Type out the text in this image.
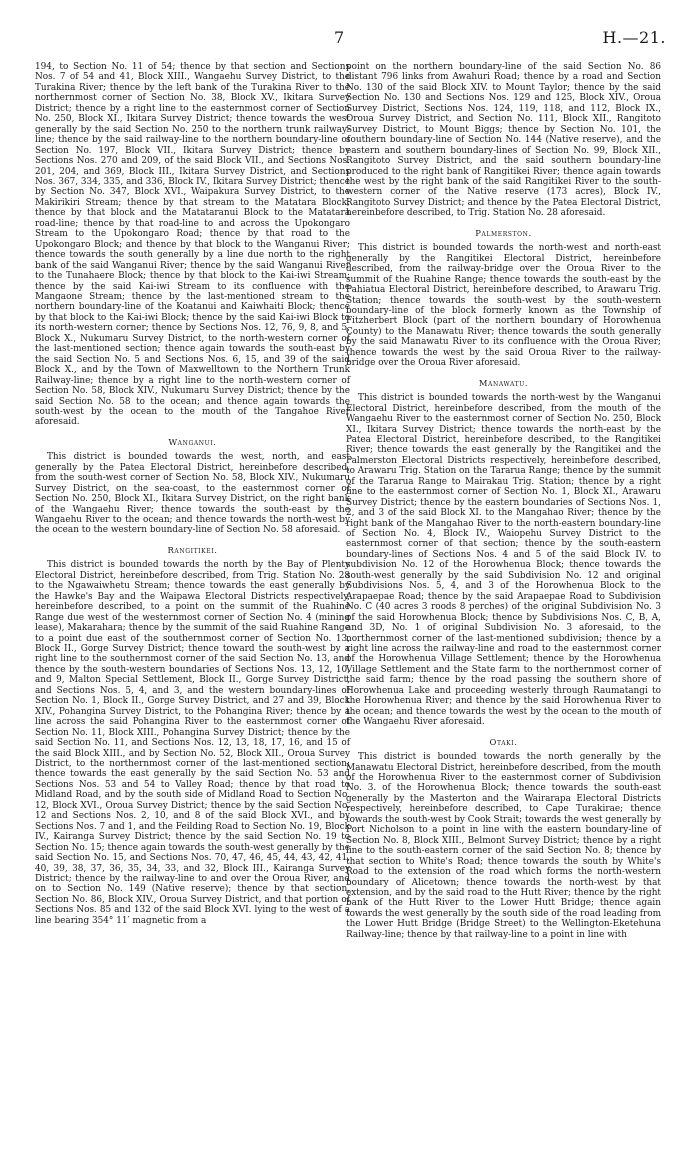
7	H.—21.

194, to Section No. 11 of 54; thence by that section and Sections Nos. 7 of 54 and 41, Block XIII., Wangaehu Survey District, to the Turakina River; thence by the left bank of the Turakina River to the northernmost corner of Section No. 38, Block XV., Ikitara Survey District; thence by a right line to the easternmost corner of Section No. 250, Block XI., Ikitara Survey District; thence towards the west generally by the said Section No. 250 to the northern trunk railway-line; thence by the said railway-line to the northern boundary-line of Section No. 197, Block VII., Ikitara Survey District; thence by Sections Nos. 270 and 209, of the said Block VII., and Sections Nos. 201, 204, and 369, Block III., Ikitara Survey District, and Sections Nos. 367, 334, 335, and 336, Block IV., Ikitara Survey District; thence by Section No. 347, Block XVI., Waipakura Survey District, to the Makirikiri Stream; thence by that stream to the Matatara Block; thence by that block and the Matataranui Block to the Matatara road-line; thence by that road-line to and across the Upokongaro Stream to the Upokongaro Road; thence by that road to the Upokongaro Block; and thence by that block to the Wanganui River; thence towards the south generally by a line due north to the right bank of the said Wanganui River; thence by the said Wanganui River to the Tunahaere Block; thence by that block to the Kai-iwi Stream; thence by the said Kai-iwi Stream to its confluence with the Mangaone Stream; thence by the last-mentioned stream to the northern boundary-line of the Koatanui and Kaiwhaiti Block; thence by that block to the Kai-iwi Block; thence by the said Kai-iwi Block to its north-western corner; thence by Sections Nos. 12, 76, 9, 8, and 5, Block X., Nukumaru Survey District, to the north-western corner of the last-mentioned section; thence again towards the south-east by the said Section No. 5 and Sections Nos. 6, 15, and 39 of the said Block X., and by the Town of Maxwelltown to the Northern Trunk Railway-line; thence by a right line to the north-western corner of Section No. 58, Block XIV., Nukumaru Survey District; thence by the said Section No. 58 to the ocean; and thence again towards the south-west by the ocean to the mouth of the Tangahoe River aforesaid.

Wanganui.

This district is bounded towards the west, north, and east generally by the Patea Electoral District, hereinbefore described, from the south-west corner of Section No. 58, Block XIV., Nukumaru Survey District, on the sea-coast, to the easternmost corner of Section No. 250, Block XI., Ikitara Survey District, on the right bank of the Wangaehu River; thence towards the south-east by the Wangaehu River to the ocean; and thence towards the north-west by the ocean to the western boundary-line of Section No. 58 aforesaid.

Rangitikei.

This district is bounded towards the north by the Bay of Plenty Electoral District, hereinbefore described, from Trig. Station No. 28 to the Ngawaiwhetu Stream; thence towards the east generally by the Hawke's Bay and the Waipawa Electoral Districts respectively, hereinbefore described, to a point on the summit of the Ruahine Range due west of the westernmost corner of Section No. 4 (mining lease), Makarahara; thence by the summit of the said Ruahine Range to a point due east of the southernmost corner of Section No. 13, Block II., Gorge Survey District; thence toward the south-west by a right line to the southernmost corner of the said Section No. 13, and thence by the south-western boundaries of Sections Nos. 13, 12, 10, and 9, Malton Special Settlement, Block II., Gorge Survey District, and Sections Nos. 5, 4, and 3, and the western boundary-lines of Section No. 1, Block II., Gorge Survey District, and 27 and 39, Block XIV., Pohangina Survey District, to the Pohangina River; thence by a line across the said Pohangina River to the easternmost corner of Section No. 11, Block XIII., Pohangina Survey District; thence by the said Section No. 11, and Sections Nos. 12, 13, 18, 17, 16, and 15 of the said Block XIII., and by Section No. 52, Block XII., Oroua Survey District, to the northernmost corner of the last-mentioned section; thence towards the east generally by the said Section No. 53 and Sections Nos. 53 and 54 to Valley Road; thence by that road to Midland Road, and by the south side of Midland Road to Section No. 12, Block XVI., Oroua Survey District; thence by the said Section No. 12 and Sections Nos. 2, 10, and 8 of the said Block XVI., and by Sections Nos. 7 and 1, and the Feilding Road to Section No. 19, Block IV., Kairanga Survey District; thence by the said Section No. 19 to Section No. 15; thence again towards the south-west generally by the said Section No. 15, and Sections Nos. 70, 47, 46, 45, 44, 43, 42, 41, 40, 39, 38, 37, 36, 35, 34, 33, and 32, Block III., Kairanga Survey District; thence by the railway-line to and over the Oroua River, and on to Section No. 149 (Native reserve); thence by that section, Section No. 86, Block XIV., Oroua Survey District, and that portion of Sections Nos. 85 and 132 of the said Block XVI. lying to the west of a line bearing 354° 11′ magnetic from a

point on the northern boundary-line of the said Section No. 86 distant 796 links from Awahuri Road; thence by a road and Section No. 130 of the said Block XIV. to Mount Taylor; thence by the said Section No. 130 and Sections Nos. 129 and 125, Block XIV., Oroua Survey District, Sections Nos. 124, 119, 118, and 112, Block IX., Oroua Survey District, and Section No. 111, Block XII., Rangitoto Survey District, to Mount Biggs; thence by Section No. 101, the southern boundary-line of Section No. 144 (Native reserve), and the eastern and southern boundary-lines of Section No. 99, Block XII., Rangitoto Survey District, and the said southern boundary-line produced to the right bank of Rangitikei River; thence again towards the west by the right bank of the said Rangitikei River to the south-western corner of the Native reserve (173 acres), Block IV., Rangitoto Survey District; and thence by the Patea Electoral District, hereinbefore described, to Trig. Station No. 28 aforesaid.

Palmerston.

This district is bounded towards the north-west and north-east generally by the Rangitikei Electoral District, hereinbefore described, from the railway-bridge over the Oroua River to the summit of the Ruahine Range; thence towards the south-east by the Pahiatua Electoral District, hereinbefore described, to Arawaru Trig. Station; thence towards the south-west by the south-western boundary-line of the block formerly known as the Township of Fitzherbert Block (part of the northern boundary of Horowhenua County) to the Manawatu River; thence towards the south generally by the said Manawatu River to its confluence with the Oroua River; thence towards the west by the said Oroua River to the railway-bridge over the Oroua River aforesaid.

Manawatu.

This district is bounded towards the north-west by the Wanganui Electoral District, hereinbefore described, from the mouth of the Wangaehu River to the easternmost corner of Section No. 250, Block XI., Ikitara Survey District; thence towards the north-east by the Patea Electoral District, hereinbefore described, to the Rangitikei River; thence towards the east generally by the Rangitikei and the Palmerston Electoral Districts respectively, hereinbefore described, to Arawaru Trig. Station on the Tararua Range; thence by the summit of the Tararua Range to Mairakau Trig. Station; thence by a right line to the easternmost corner of Section No. 1, Block XI., Arawaru Survey District; thence by the eastern boundaries of Sections Nos. 1, 2, and 3 of the said Block XI. to the Mangahao River; thence by the right bank of the Mangahao River to the north-eastern boundary-line of Section No. 4, Block IV., Waiopehu Survey District to the easternmost corner of that section; thence by the south-eastern boundary-lines of Sections Nos. 4 and 5 of the said Block IV. to subdivision No. 12 of the Horowhenua Block; thence towards the south-west generally by the said Subdivision No. 12 and original Subdivisions Nos. 5, 4, and 3 of the Horowhenua Block to the Arapaepae Road; thence by the said Arapaepae Road to Subdivision No. C (40 acres 3 roods 8 perches) of the original Subdivision No. 3 of the said Horowhenua Block; thence by Subdivisions Nos. C, B, A, and 3D, No. 1 of original Subdivision No. 3 aforesaid, to the northernmost corner of the last-mentioned subdivision; thence by a right line across the railway-line and road to the easternmost corner of the Horowhenua Village Settlement; thence by the Horowhenua Village Settlement and the State farm to the northernmost corner of the said farm; thence by the road passing the southern shore of Horowhenua Lake and proceeding westerly through Raumatangi to the Horowhenua River; and thence by the said Horowhenua River to the ocean; and thence towards the west by the ocean to the mouth of the Wangaehu River aforesaid.

Otaki.

This district is bounded towards the north generally by the Manawatu Electoral District, hereinbefore described, from the mouth of the Horowhenua River to the easternmost corner of Subdivision No. 3. of the Horowhenua Block; thence towards the south-east generally by the Masterton and the Wairarapa Electoral Districts respectively, hereinbefore described, to Cape Turakirae; thence towards the south-west by Cook Strait; towards the west generally by Port Nicholson to a point in line with the eastern boundary-line of Section No. 8, Block XIII., Belmont Survey District; thence by a right line to the south-eastern corner of the said Section No. 8; thence by that section to White's Road; thence towards the south by White's Road to the extension of the road which forms the north-western boundary of Alicetown; thence towards the north-west by that extension, and by the said road to the Hutt River; thence by the right bank of the Hutt River to the Lower Hutt Bridge; thence again towards the west generally by the south side of the road leading from the Lower Hutt Bridge (Bridge Street) to the Wellington-Eketehuna Railway-line; thence by that railway-line to a point in line with
